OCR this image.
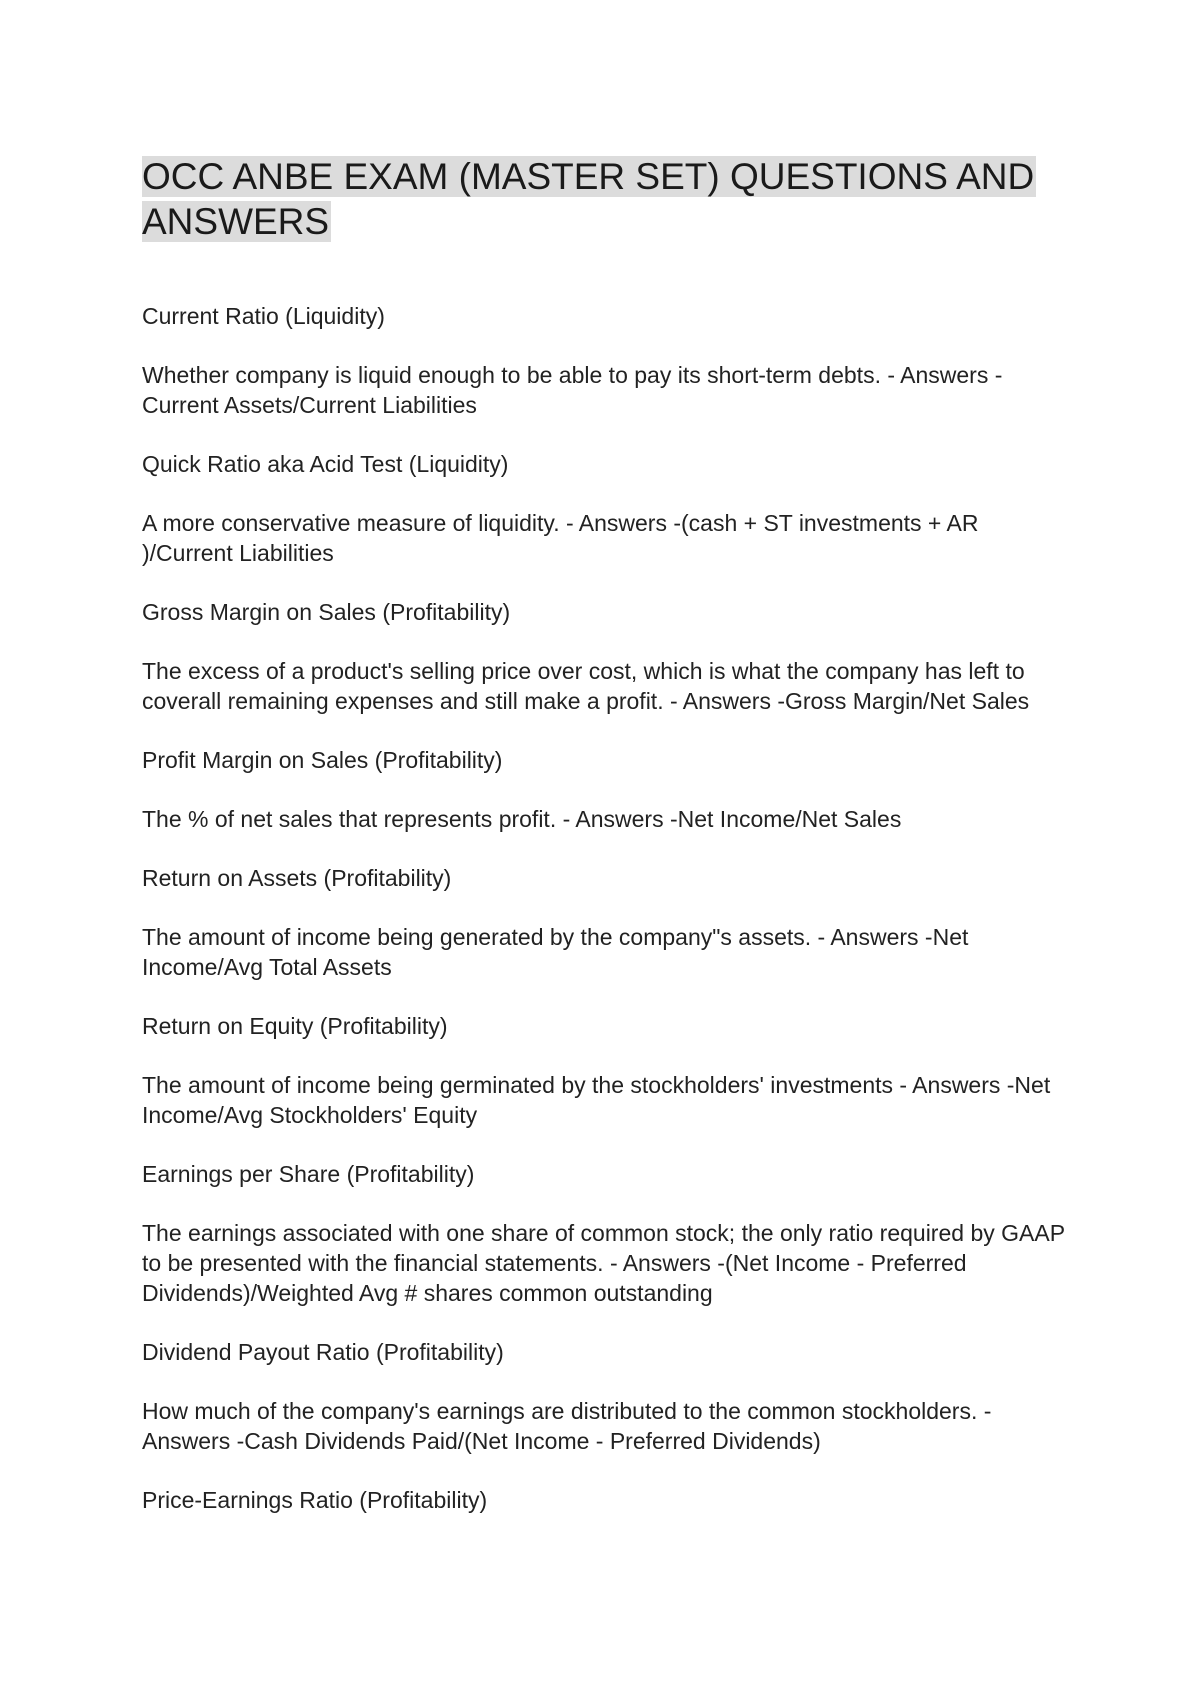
OCC ANBE EXAM (MASTER SET) QUESTIONS AND ANSWERS

Current Ratio (Liquidity)

Whether company is liquid enough to be able to pay its short-term debts. - Answers -Current Assets/Current Liabilities

Quick Ratio aka Acid Test (Liquidity)

A more conservative measure of liquidity. - Answers -(cash + ST investments + AR )/Current Liabilities

Gross Margin on Sales (Profitability)

The excess of a product's selling price over cost, which is what the company has left to coverall remaining expenses and still make a profit. - Answers -Gross Margin/Net Sales

Profit Margin on Sales (Profitability)

The % of net sales that represents profit. - Answers -Net Income/Net Sales

Return on Assets (Profitability)

The amount of income being generated by the company"s assets. - Answers -Net Income/Avg Total Assets

Return on Equity (Profitability)

The amount of income being germinated by the stockholders' investments - Answers -Net Income/Avg Stockholders' Equity

Earnings per Share (Profitability)

The earnings associated with one share of common stock; the only ratio required by GAAP to be presented with the financial statements. - Answers -(Net Income - Preferred Dividends)/Weighted Avg # shares common outstanding

Dividend Payout Ratio (Profitability)

How much of the company's earnings are distributed to the common stockholders. - Answers -Cash Dividends Paid/(Net Income - Preferred Dividends)

Price-Earnings Ratio (Profitability)
